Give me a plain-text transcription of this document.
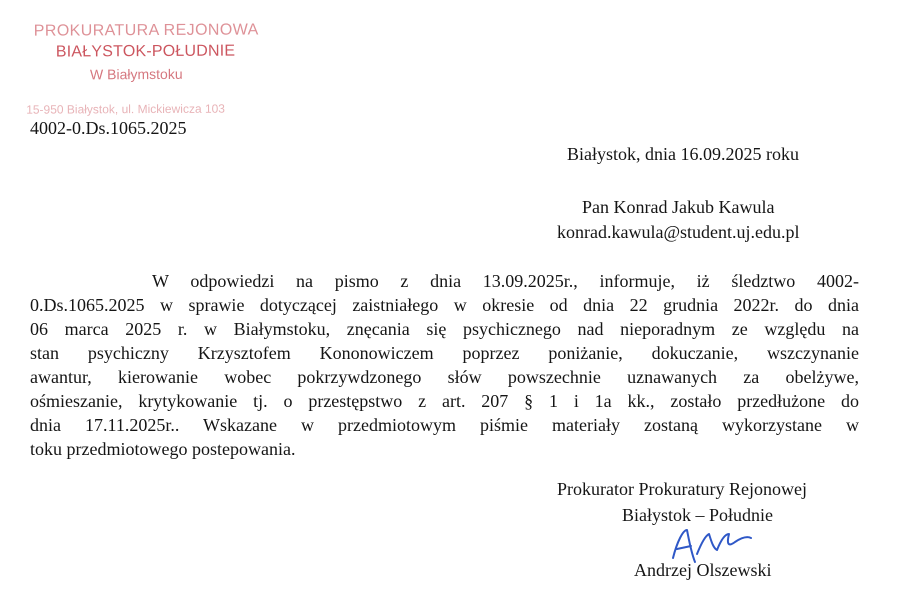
PROKURATURA REJONOWA
BIAŁYSTOK-POŁUDNIE
W Białymstoku
15-950 Białystok, ul. Mickiewicza 103
4002-0.Ds.1065.2025
Białystok, dnia 16.09.2025 roku
Pan Konrad Jakub Kawula
konrad.kawula@student.uj.edu.pl
W odpowiedzi na pismo z dnia 13.09.2025r., informuje, iż śledztwo 4002-
0.Ds.1065.2025 w sprawie dotyczącej zaistniałego w okresie od dnia 22 grudnia 2022r. do dnia
06 marca 2025 r. w Białymstoku, znęcania się psychicznego nad nieporadnym ze względu na
stan psychiczny Krzysztofem Kononowiczem poprzez poniżanie, dokuczanie, wszczynanie
awantur, kierowanie wobec pokrzywdzonego słów powszechnie uznawanych za obelżywe,
ośmieszanie, krytykowanie tj. o przestępstwo z art. 207 § 1 i 1a kk., zostało przedłużone do
dnia 17.11.2025r.. Wskazane w przedmiotowym piśmie materiały zostaną wykorzystane w
toku przedmiotowego postepowania.
Prokurator Prokuratury Rejonowej
Białystok – Południe
Andrzej Olszewski
